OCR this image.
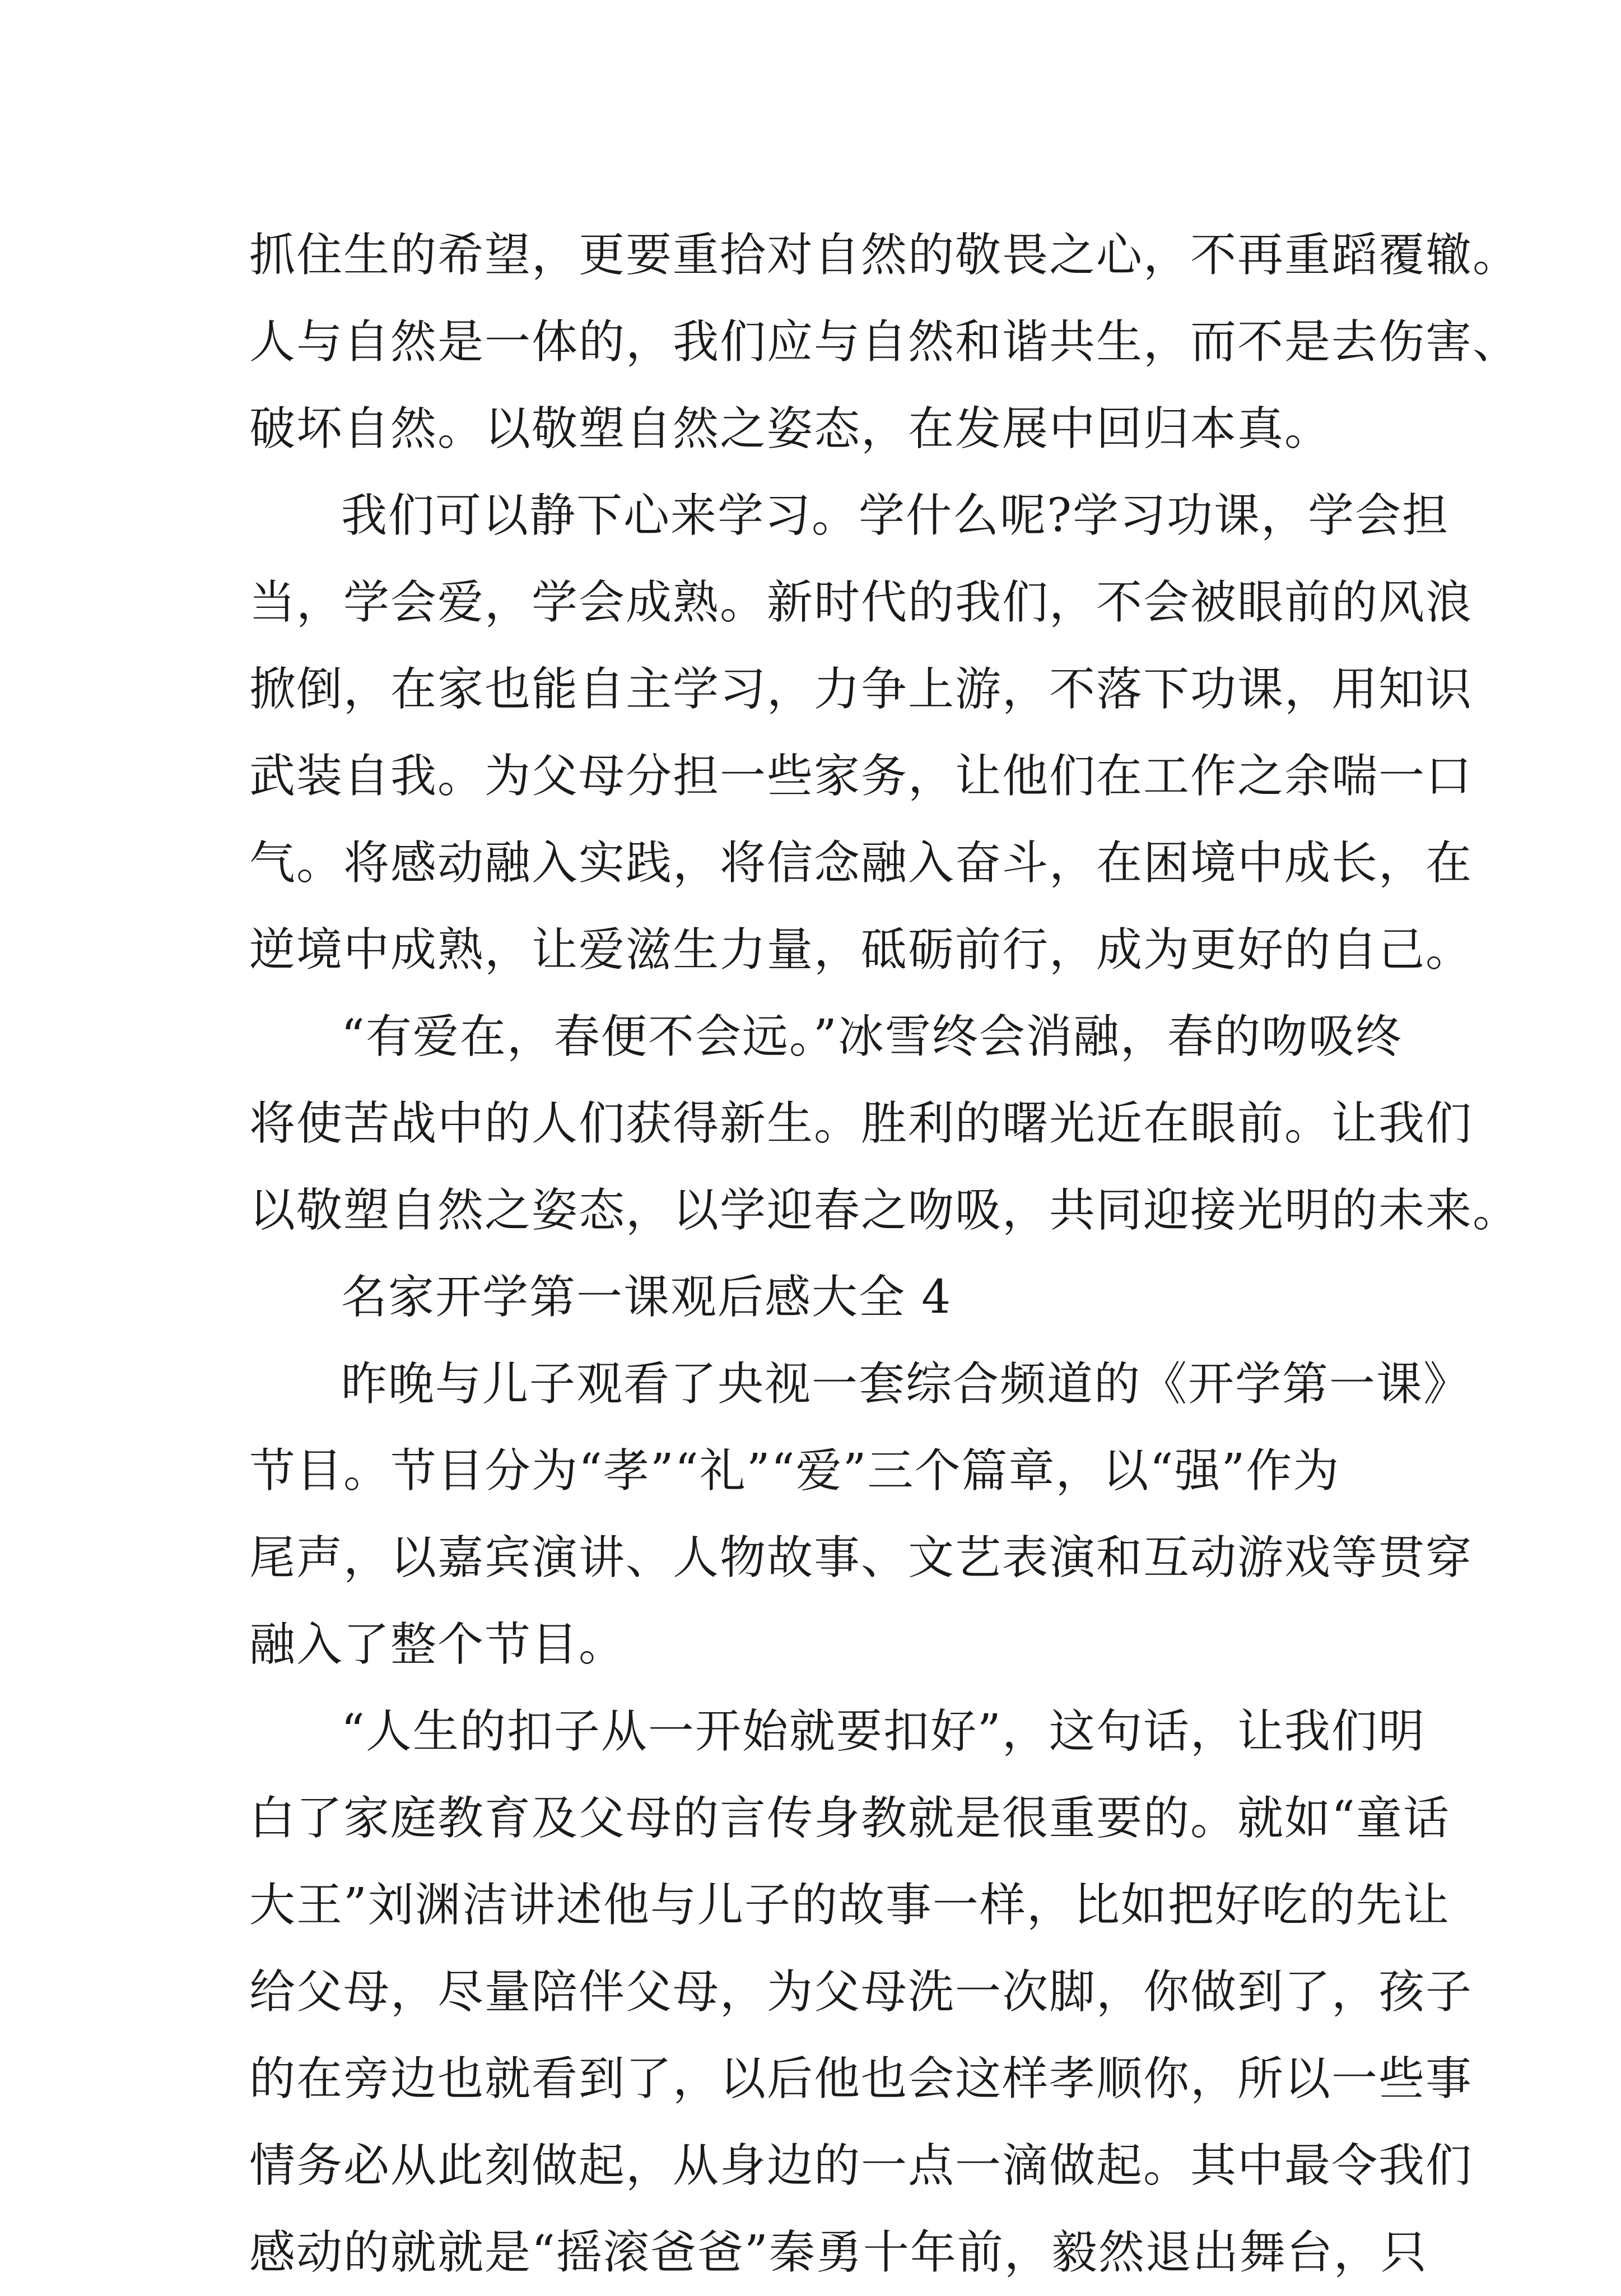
抓住生的希望，更要重拾对自然的敬畏之心，不再重蹈覆辙。
人与自然是一体的，我们应与自然和谐共生，而不是去伤害、
破坏自然。以敬塑自然之姿态，在发展中回归本真。
我们可以静下心来学习。学什么呢?学习功课，学会担
当，学会爱，学会成熟。新时代的我们，不会被眼前的风浪
掀倒，在家也能自主学习，力争上游，不落下功课，用知识
武装自我。为父母分担一些家务，让他们在工作之余喘一口
气。将感动融入实践，将信念融入奋斗，在困境中成长，在
逆境中成熟，让爱滋生力量，砥砺前行，成为更好的自己。
“有爱在，春便不会远。”冰雪终会消融，春的吻吸终
将使苦战中的人们获得新生。胜利的曙光近在眼前。让我们
以敬塑自然之姿态，以学迎春之吻吸，共同迎接光明的未来。
名家开学第一课观后感大全 4
昨晚与儿子观看了央视一套综合频道的《开学第一课》
节目。节目分为“孝”“礼”“爱”三个篇章，以“强”作为
尾声，以嘉宾演讲、人物故事、文艺表演和互动游戏等贯穿
融入了整个节目。
“人生的扣子从一开始就要扣好”，这句话，让我们明
白了家庭教育及父母的言传身教就是很重要的。就如“童话
大王”刘渊洁讲述他与儿子的故事一样，比如把好吃的先让
给父母，尽量陪伴父母，为父母洗一次脚，你做到了，孩子
的在旁边也就看到了，以后他也会这样孝顺你，所以一些事
情务必从此刻做起，从身边的一点一滴做起。其中最令我们
感动的就就是“摇滚爸爸”秦勇十年前，毅然退出舞台，只
